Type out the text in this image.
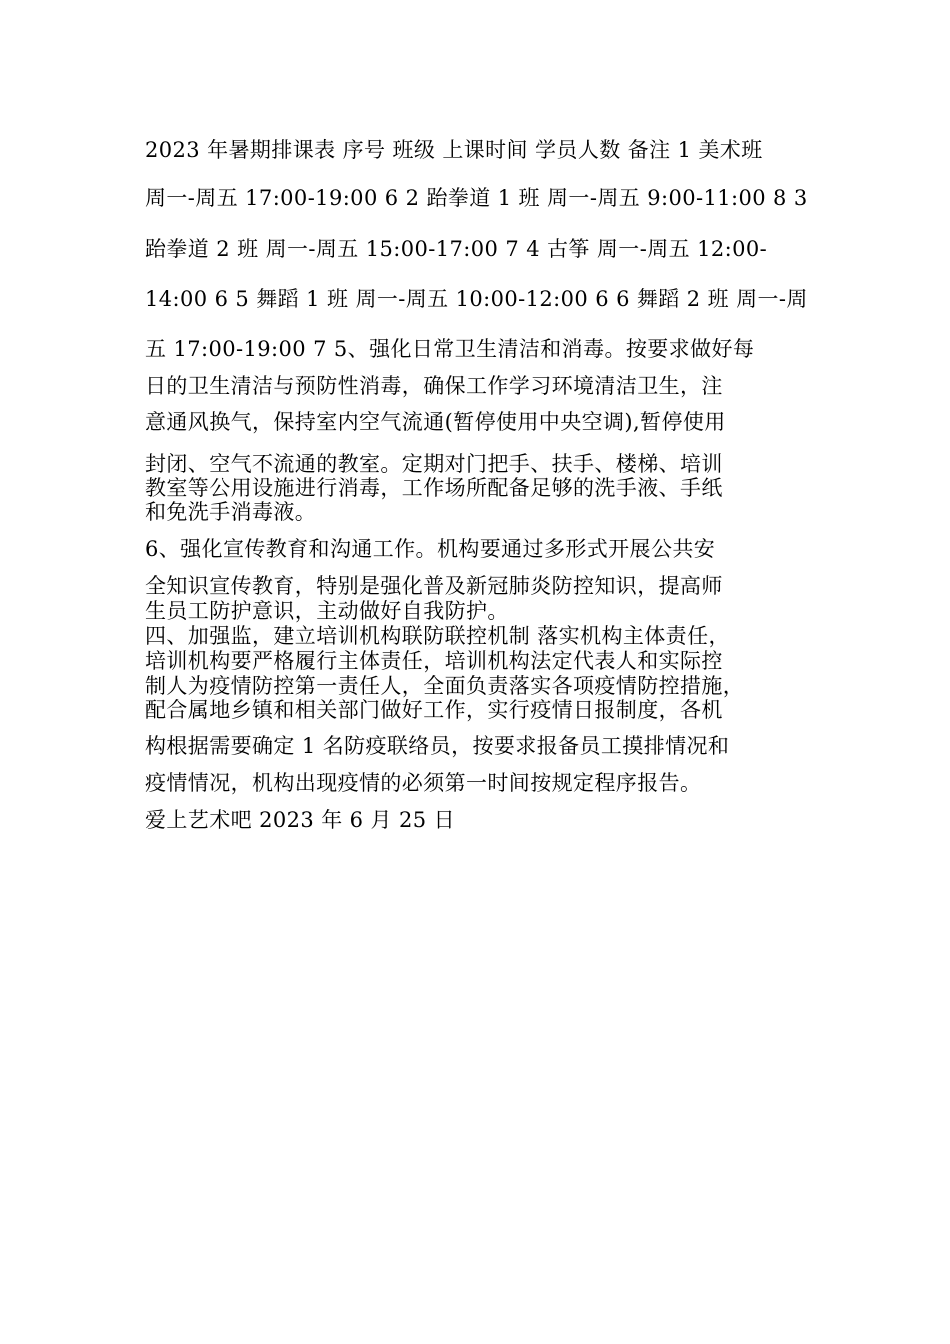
2023 年暑期排课表 序号 班级 上课时间 学员人数 备注 1 美术班
周一-周五 17:00-19:00 6 2 跆拳道 1 班 周一-周五 9:00-11:00 8 3
跆拳道 2 班 周一-周五 15:00-17:00 7 4 古筝 周一-周五 12:00-
14:00 6 5 舞蹈 1 班 周一-周五 10:00-12:00 6 6 舞蹈 2 班 周一-周
五 17:00-19:00 7 5、强化日常卫生清洁和消毒。按要求做好每
日的卫生清洁与预防性消毒，确保工作学习环境清洁卫生，注
意通风换气，保持室内空气流通(暂停使用中央空调),暂停使用
封闭、空气不流通的教室。定期对门把手、扶手、楼梯、培训
教室等公用设施进行消毒，工作场所配备足够的洗手液、手纸
和免洗手消毒液。
6、强化宣传教育和沟通工作。机构要通过多形式开展公共安
全知识宣传教育，特别是强化普及新冠肺炎防控知识，提高师
生员工防护意识，主动做好自我防护。
四、加强监，建立培训机构联防联控机制 落实机构主体责任，
培训机构要严格履行主体责任，培训机构法定代表人和实际控
制人为疫情防控第一责任人，全面负责落实各项疫情防控措施，
配合属地乡镇和相关部门做好工作，实行疫情日报制度，各机
构根据需要确定 1 名防疫联络员，按要求报备员工摸排情况和
疫情情况，机构出现疫情的必须第一时间按规定程序报告。
爱上艺术吧 2023 年 6 月 25 日
